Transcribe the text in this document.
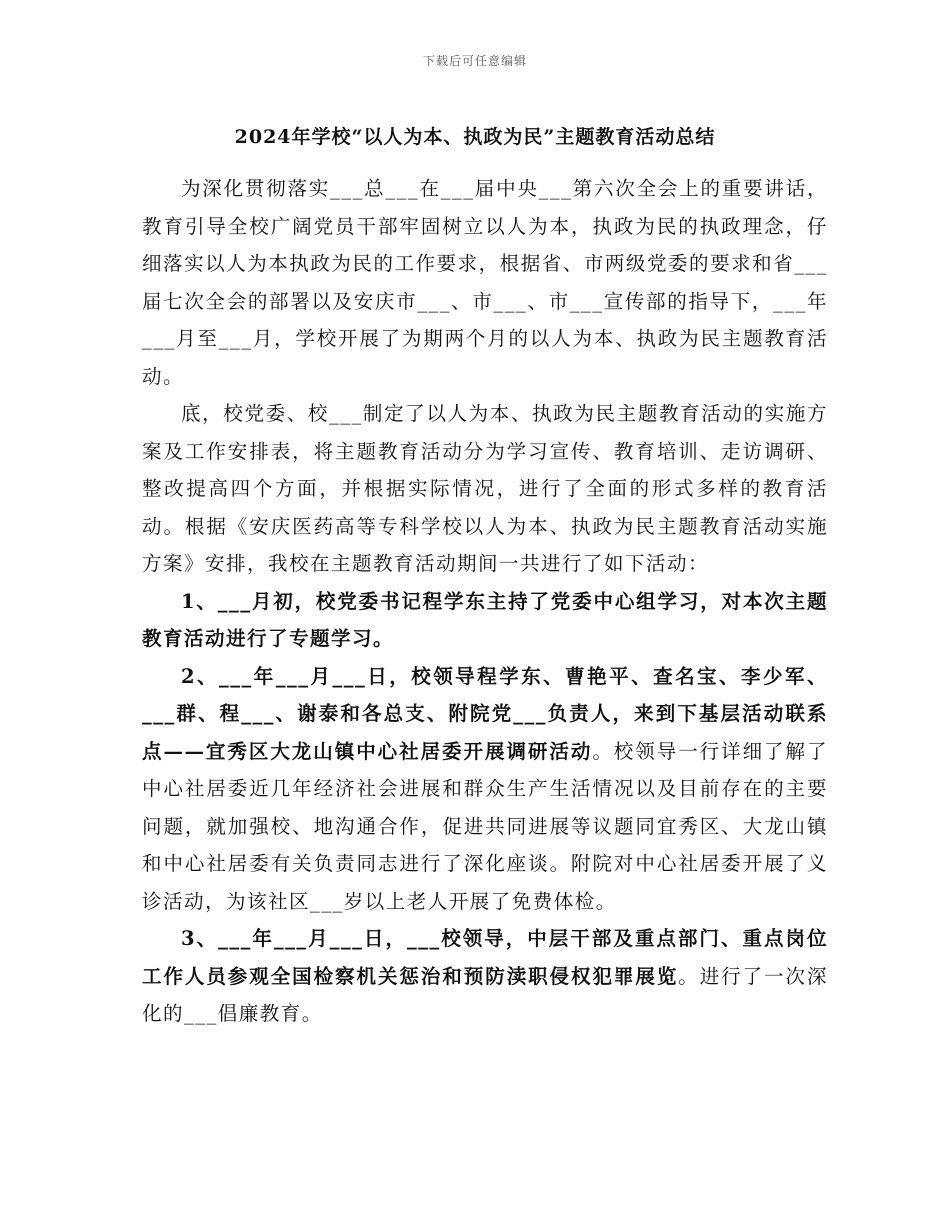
下载后可任意编辑
2024年学校“以人为本、执政为民”主题教育活动总结

为深化贯彻落实___总___在___届中央___第六次全会上的重要讲话，教育引导全校广阔党员干部牢固树立以人为本，执政为民的执政理念，仔细落实以人为本执政为民的工作要求，根据省、市两级党委的要求和省___届七次全会的部署以及安庆市___、市___、市___宣传部的指导下，___年___月至___月，学校开展了为期两个月的以人为本、执政为民主题教育活动。

底，校党委、校___制定了以人为本、执政为民主题教育活动的实施方案及工作安排表，将主题教育活动分为学习宣传、教育培训、走访调研、整改提高四个方面，并根据实际情况，进行了全面的形式多样的教育活动。根据《安庆医药高等专科学校以人为本、执政为民主题教育活动实施方案》安排，我校在主题教育活动期间一共进行了如下活动：

1、___月初，校党委书记程学东主持了党委中心组学习，对本次主题教育活动进行了专题学习。

2、___年___月___日，校领导程学东、曹艳平、查名宝、李少军、___群、程___、谢泰和各总支、附院党___负责人，来到下基层活动联系点——宜秀区大龙山镇中心社居委开展调研活动。校领导一行详细了解了中心社居委近几年经济社会进展和群众生产生活情况以及目前存在的主要问题，就加强校、地沟通合作，促进共同进展等议题同宜秀区、大龙山镇和中心社居委有关负责同志进行了深化座谈。附院对中心社居委开展了义诊活动，为该社区___岁以上老人开展了免费体检。

3、___年___月___日，___校领导，中层干部及重点部门、重点岗位工作人员参观全国检察机关惩治和预防渎职侵权犯罪展览。进行了一次深化的___倡廉教育。
